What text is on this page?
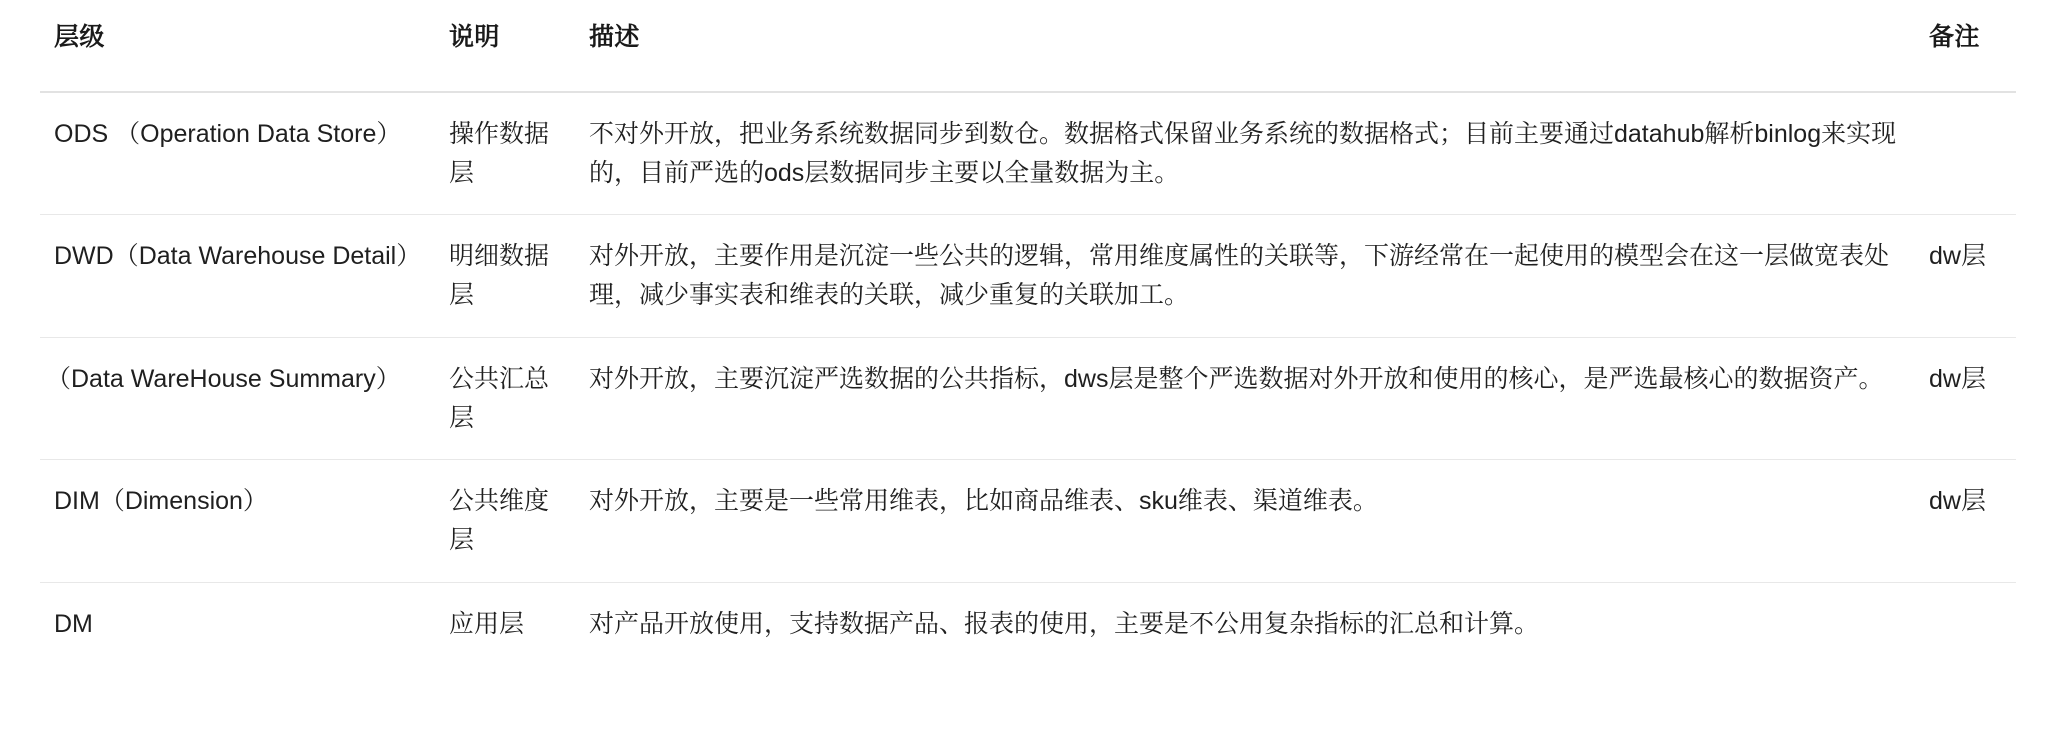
层级	说明	描述	备注
ODS （Operation Data Store）	操作数据层	不对外开放，把业务系统数据同步到数仓。数据格式保留业务系统的数据格式；目前主要通过datahub解析binlog来实现的，目前严选的ods层数据同步主要以全量数据为主。	
DWD（Data Warehouse Detail）	明细数据层	对外开放，主要作用是沉淀一些公共的逻辑，常用维度属性的关联等，下游经常在一起使用的模型会在这一层做宽表处理，减少事实表和维表的关联，减少重复的关联加工。	dw层
（Data WareHouse Summary）	公共汇总层	对外开放，主要沉淀严选数据的公共指标，dws层是整个严选数据对外开放和使用的核心，是严选最核心的数据资产。	dw层
DIM（Dimension）	公共维度层	对外开放，主要是一些常用维表，比如商品维表、sku维表、渠道维表。	dw层
DM	应用层	对产品开放使用，支持数据产品、报表的使用，主要是不公用复杂指标的汇总和计算。	
